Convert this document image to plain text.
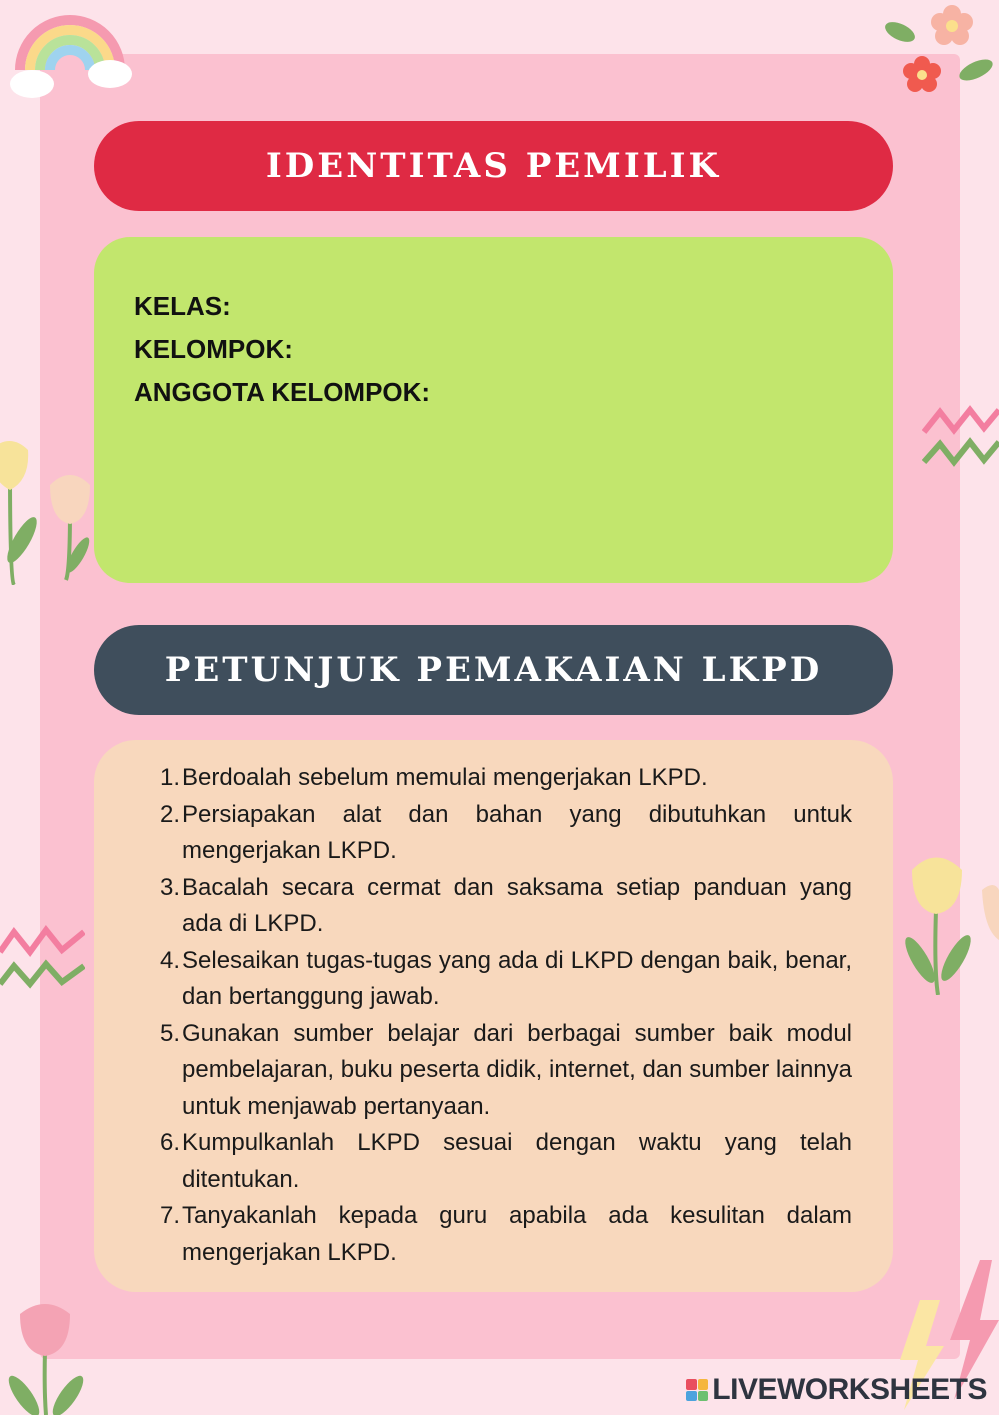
IDENTITAS PEMILIK
KELAS:
KELOMPOK:
ANGGOTA KELOMPOK:
PETUNJUK PEMAKAIAN LKPD
1. Berdoalah sebelum memulai mengerjakan LKPD.
2. Persiapakan alat dan bahan yang dibutuhkan untuk mengerjakan LKPD.
3. Bacalah secara cermat dan saksama setiap panduan yang ada di LKPD.
4. Selesaikan tugas-tugas yang ada di LKPD dengan baik, benar, dan bertanggung jawab.
5. Gunakan sumber belajar dari berbagai sumber baik modul pembelajaran, buku peserta didik, internet, dan sumber lainnya untuk menjawab pertanyaan.
6. Kumpulkanlah LKPD sesuai dengan waktu yang telah ditentukan.
7. Tanyakanlah kepada guru apabila ada kesulitan dalam mengerjakan LKPD.
LIVEWORKSHEETS
